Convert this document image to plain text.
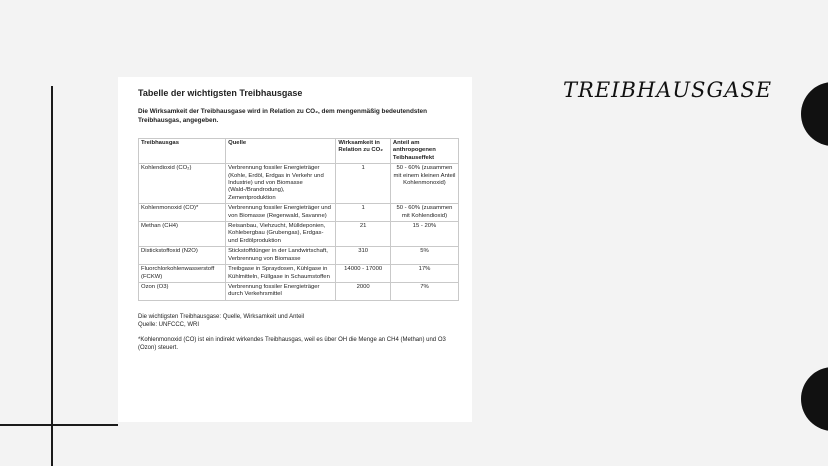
TREIBHAUSGASE
Tabelle der wichtigsten Treibhausgase
Die Wirksamkeit der Treibhausgase wird in Relation zu CO₂, dem mengenmäßig bedeutendsten Treibhausgas, angegeben.
Treibhausgas	Quelle	Wirksamkeit in Relation zu CO₂	Anteil am anthropogenen Teibhauseffekt
Kohlendioxid (CO₂)	Verbrennung fossiler Energieträger (Kohle, Erdöl, Erdgas in Verkehr und Industrie) und von Biomasse (Wald-/Brandrodung), Zementproduktion	1	50 - 60% (zusammen mit einem kleinen Anteil Kohlenmonoxid)
Kohlenmonoxid (CO)*	Verbrennung fossiler Energieträger und von Biomasse (Regenwald, Savanne)	1	50 - 60% (zusammen mit Kohlendioxid)
Methan (CH4)	Reisanbau, Viehzucht, Mülldeponien, Kohlebergbau (Grubengas), Erdgas- und Erdölproduktion	21	15 - 20%
Distickstoffoxid (N2O)	Stickstoffdünger in der Landwirtschaft, Verbrennung von Biomasse	310	5%
Fluorchlorkohlenwasserstoff (FCKW)	Treibgase in Spraydosen, Kühlgase in Kühlmitteln, Füllgase in Schaumstoffen	14000 - 17000	17%
Ozon (O3)	Verbrennung fossiler Energieträger durch Verkehrsmittel	2000	7%
Die wichtigsten Treibhausgase: Quelle, Wirksamkeit und Anteil
Quelle: UNFCCC, WRI
*Kohlenmonoxid (CO) ist ein indirekt wirkendes Treibhausgas, weil es über OH die Menge an CH4 (Methan) und O3 (Ozon) steuert.
